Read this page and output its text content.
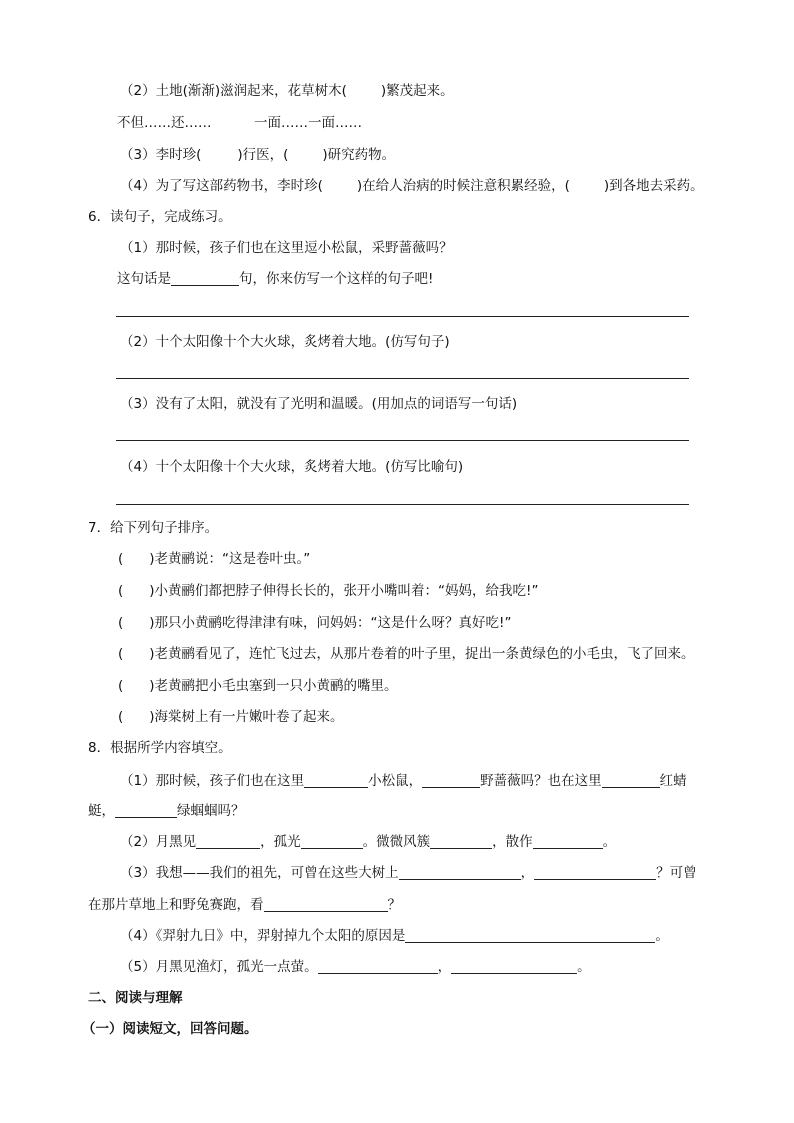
（2）土地(渐渐)滋润起来，花草树木(	)繁茂起来。
不但……还……	一面……一面……
（3）李时珍(	)行医，(	)研究药物。
（4）为了写这部药物书，李时珍(	)在给人治病的时候注意积累经验，(	)到各地去采药。
6．读句子，完成练习。
（1）那时候，孩子们也在这里逗小松鼠，采野蔷薇吗？
这句话是	句，你来仿写一个这样的句子吧!
（2）十个太阳像十个大火球，炙烤着大地。(仿写句子)
（3）没有了太阳，就没有了光明和温暖。(用加点的词语写一句话)
（4）十个太阳像十个大火球，炙烤着大地。(仿写比喻句)
7．给下列句子排序。
( )老黄鹂说：“这是卷叶虫。”
( )小黄鹂们都把脖子伸得长长的，张开小嘴叫着：“妈妈，给我吃!”
( )那只小黄鹂吃得津津有味，问妈妈：“这是什么呀？真好吃!”
( )老黄鹂看见了，连忙飞过去，从那片卷着的叶子里，捉出一条黄绿色的小毛虫，飞了回来。
( )老黄鹂把小毛虫塞到一只小黄鹂的嘴里。
( )海棠树上有一片嫩叶卷了起来。
8．根据所学内容填空。
（1）那时候，孩子们也在这里	小松鼠，	野蔷薇吗？也在这里	红蜻
蜓，	绿蝈蝈吗？
（2）月黑见	，孤光	。微微风簇	，散作	。
（3）我想——我们的祖先，可曾在这些大树上	，	？可曾
在那片草地上和野兔赛跑，看	？
（4）《羿射九日》中，羿射掉九个太阳的原因是	。
（5）月黑见渔灯，孤光一点萤。	，	。
二、阅读与理解
（一）阅读短文，回答问题。
